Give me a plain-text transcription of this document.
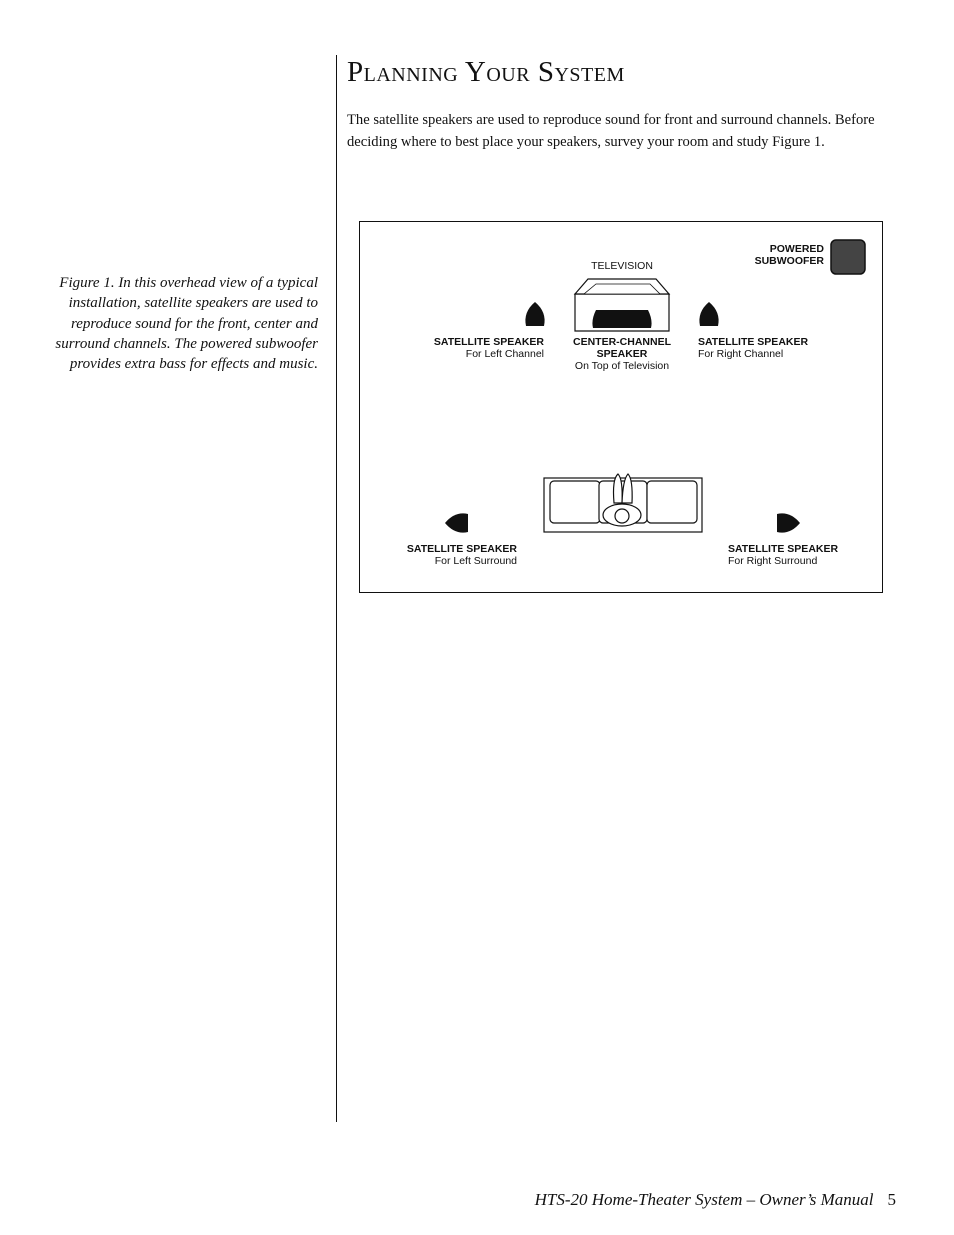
Planning Your System

The satellite speakers are used to reproduce sound for front and surround channels. Before deciding where to best place your speakers, survey your room and study Figure 1.

Figure 1. In this overhead view of a typical installation, satellite speakers are used to reproduce sound for the front, center and surround channels. The powered subwoofer provides extra bass for effects and music.

TELEVISION
POWERED
SUBWOOFER
SATELLITE SPEAKER
For Left Channel
CENTER-CHANNEL
SPEAKER
On Top of Television
SATELLITE SPEAKER
For Right Channel
SATELLITE SPEAKER
For Left Surround
SATELLITE SPEAKER
For Right Surround

HTS-20 Home-Theater System – Owner’s Manual 5
